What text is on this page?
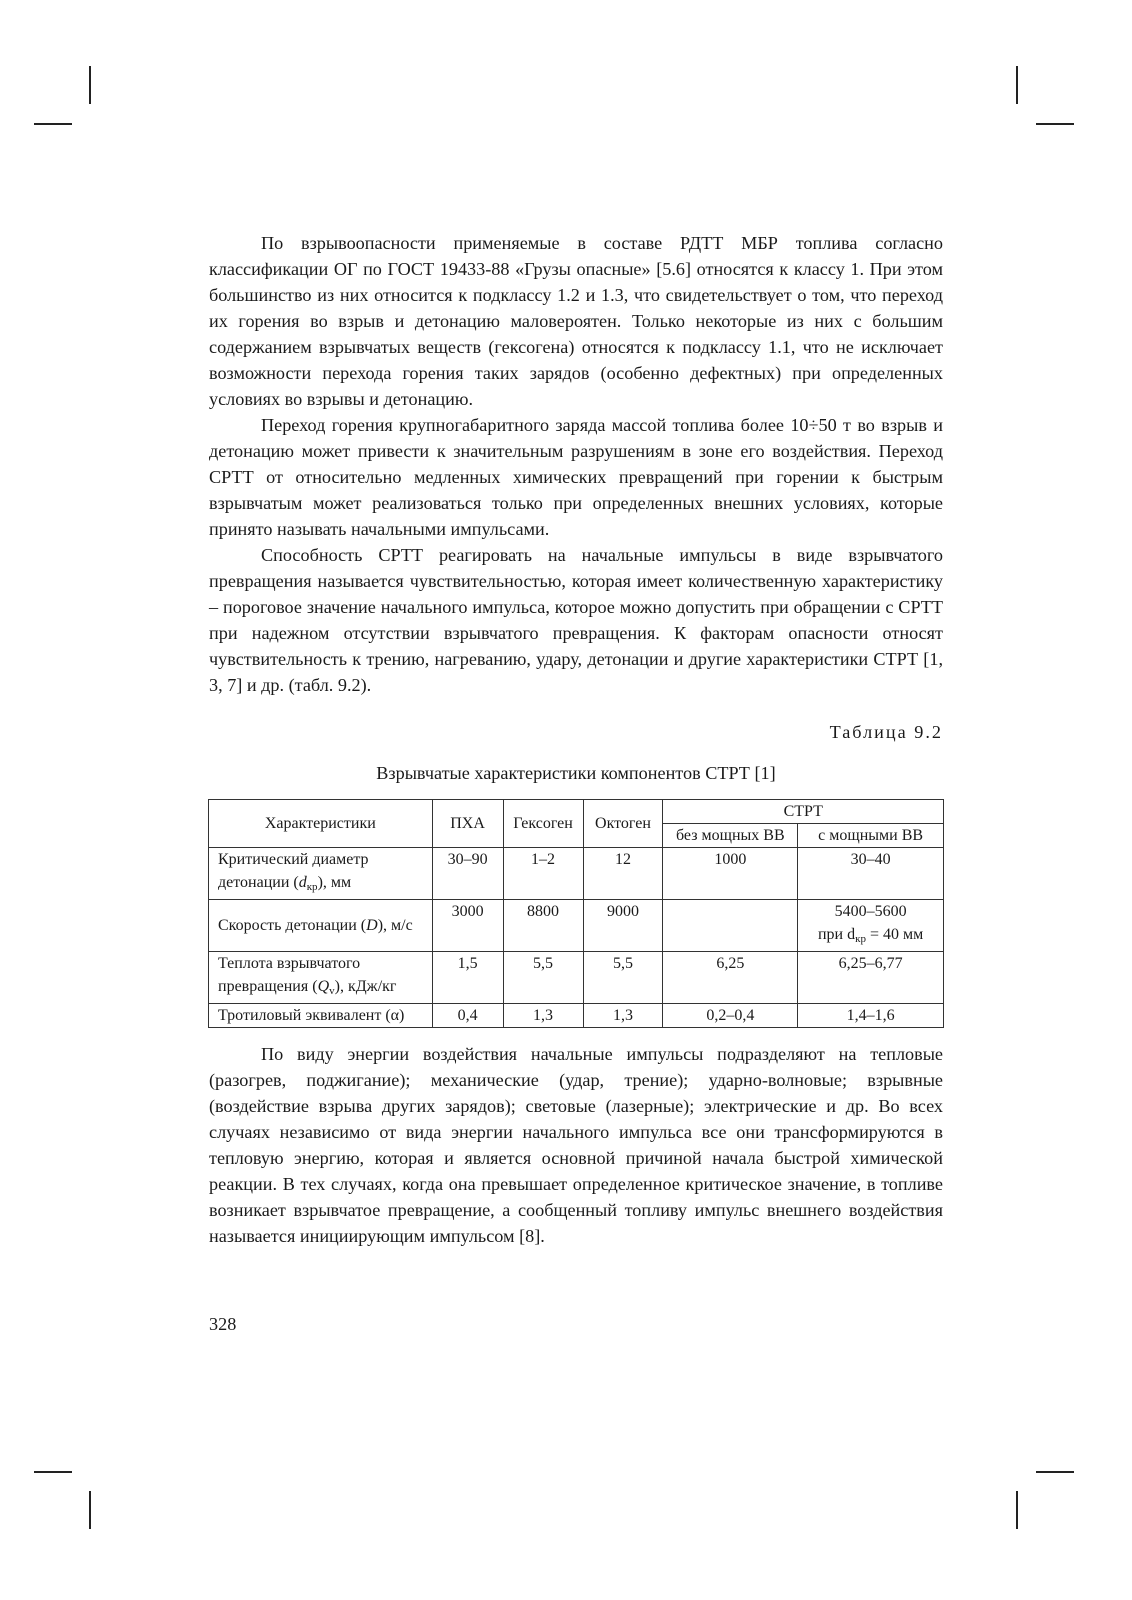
По взрывоопасности применяемые в составе РДТТ МБР топлива согласно классификации ОГ по ГОСТ 19433-88 «Грузы опасные» [5.6] относятся к классу 1. При этом большинство из них относится к подклассу 1.2 и 1.3, что свидетельствует о том, что переход их горения во взрыв и детонацию маловероятен. Только некоторые из них с большим содержанием взрывчатых веществ (гексогена) относятся к подклассу 1.1, что не исключает возможности перехода горения таких зарядов (особенно дефектных) при определенных условиях во взрывы и детонацию.

Переход горения крупногабаритного заряда массой топлива более 10÷50 т во взрыв и детонацию может привести к значительным разрушениям в зоне его воздействия. Переход СРТТ от относительно медленных химических превращений при горении к быстрым взрывчатым может реализоваться только при определенных внешних условиях, которые принято называть начальными импульсами.

Способность СРТТ реагировать на начальные импульсы в виде взрывчатого превращения называется чувствительностью, которая имеет количественную характеристику – пороговое значение начального импульса, которое можно допустить при обращении с СРТТ при надежном отсутствии взрывчатого превращения. К факторам опасности относят чувствительность к трению, нагреванию, удару, детонации и другие характеристики СТРТ [1, 3, 7] и др. (табл. 9.2).

Таблица 9.2
Взрывчатые характеристики компонентов СТРТ [1]
Характеристики	ПХА	Гексоген	Октоген	СТРТ	
				без мощных ВВ	с мощными ВВ
Критический диаметр
детонации $(d_{кр})$, мм	30–90	1–2	12	1000	30–40
Скорость детонации (D), м/с	3000	8800	9000		5400–5600
при $d_{кр} = 40$ мм
Теплота взрывчатого
превращения $(Q_v)$, кДж/кг	1,5	5,5	5,5	6,25	6,25–6,77
Тротиловый эквивалент (α)	0,4	1,3	1,3	0,2–0,4	1,4–1,6

По виду энергии воздействия начальные импульсы подразделяют на тепловые (разогрев, поджигание); механические (удар, трение); ударно-волновые; взрывные (воздействие взрыва других зарядов); световые (лазерные); электрические и др. Во всех случаях независимо от вида энергии начального импульса все они трансформируются в тепловую энергию, которая и является основной причиной начала быстрой химической реакции. В тех случаях, когда она превышает определенное критическое значение, в топливе возникает взрывчатое превращение, а сообщенный топливу импульс внешнего воздействия называется инициирующим импульсом [8].

328
